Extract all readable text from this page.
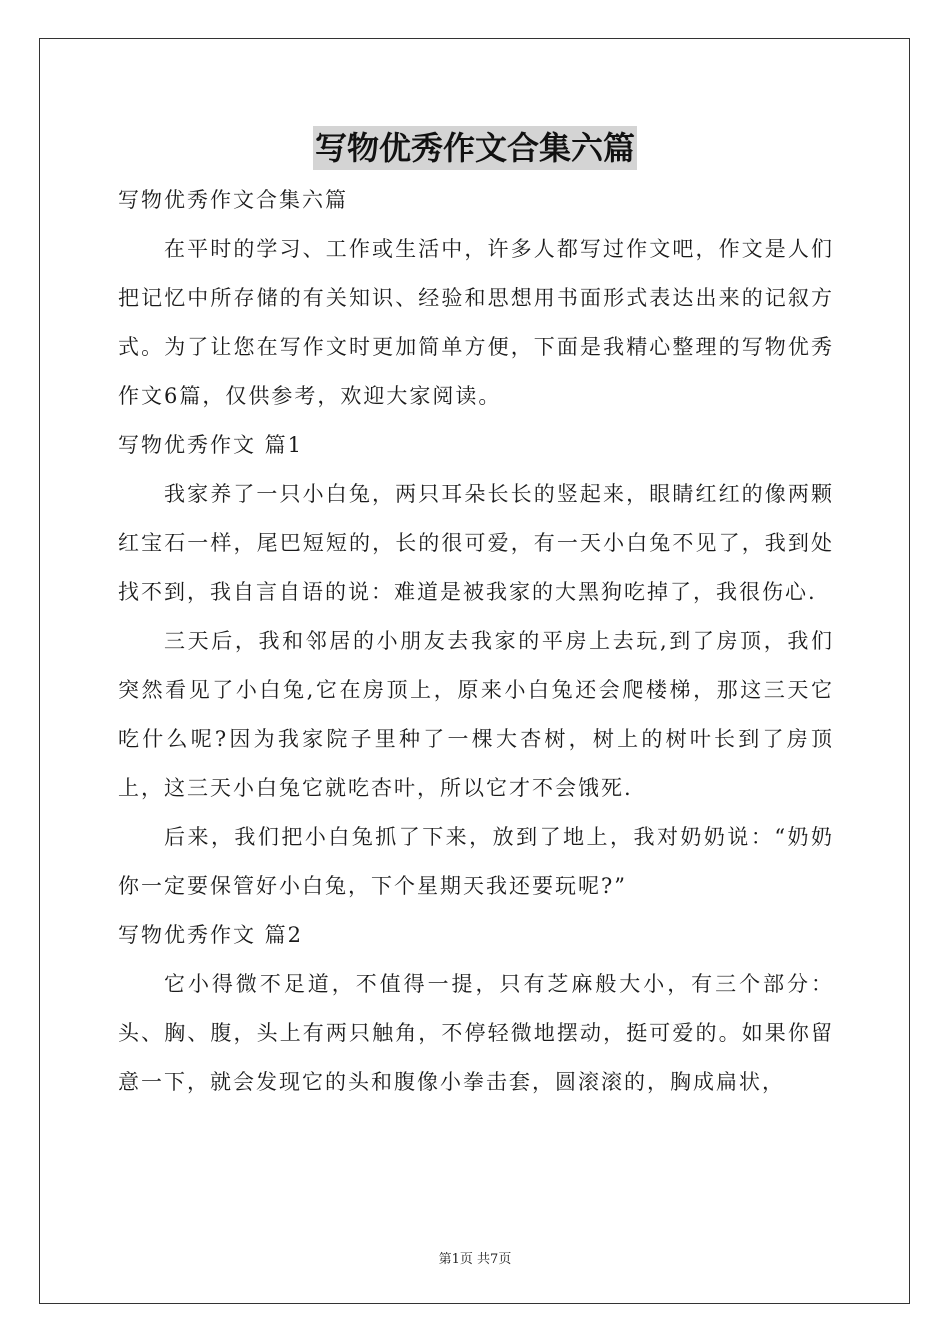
写物优秀作文合集六篇

写物优秀作文合集六篇

在平时的学习、工作或生活中，许多人都写过作文吧，作文是人们把记忆中所存储的有关知识、经验和思想用书面形式表达出来的记叙方式。为了让您在写作文时更加简单方便，下面是我精心整理的写物优秀作文6篇，仅供参考，欢迎大家阅读。

写物优秀作文 篇1

我家养了一只小白兔，两只耳朵长长的竖起来，眼睛红红的像两颗红宝石一样，尾巴短短的，长的很可爱，有一天小白兔不见了，我到处找不到，我自言自语的说：难道是被我家的大黑狗吃掉了，我很伤心.

三天后，我和邻居的小朋友去我家的平房上去玩,到了房顶，我们突然看见了小白兔,它在房顶上，原来小白兔还会爬楼梯，那这三天它吃什么呢?因为我家院子里种了一棵大杏树，树上的树叶长到了房顶上，这三天小白兔它就吃杏叶，所以它才不会饿死.

后来，我们把小白兔抓了下来，放到了地上，我对奶奶说：“奶奶你一定要保管好小白兔，下个星期天我还要玩呢?”

写物优秀作文 篇2

它小得微不足道，不值得一提，只有芝麻般大小，有三个部分：头、胸、腹，头上有两只触角，不停轻微地摆动，挺可爱的。如果你留意一下，就会发现它的头和腹像小拳击套，圆滚滚的，胸成扁状，

第1页 共7页
